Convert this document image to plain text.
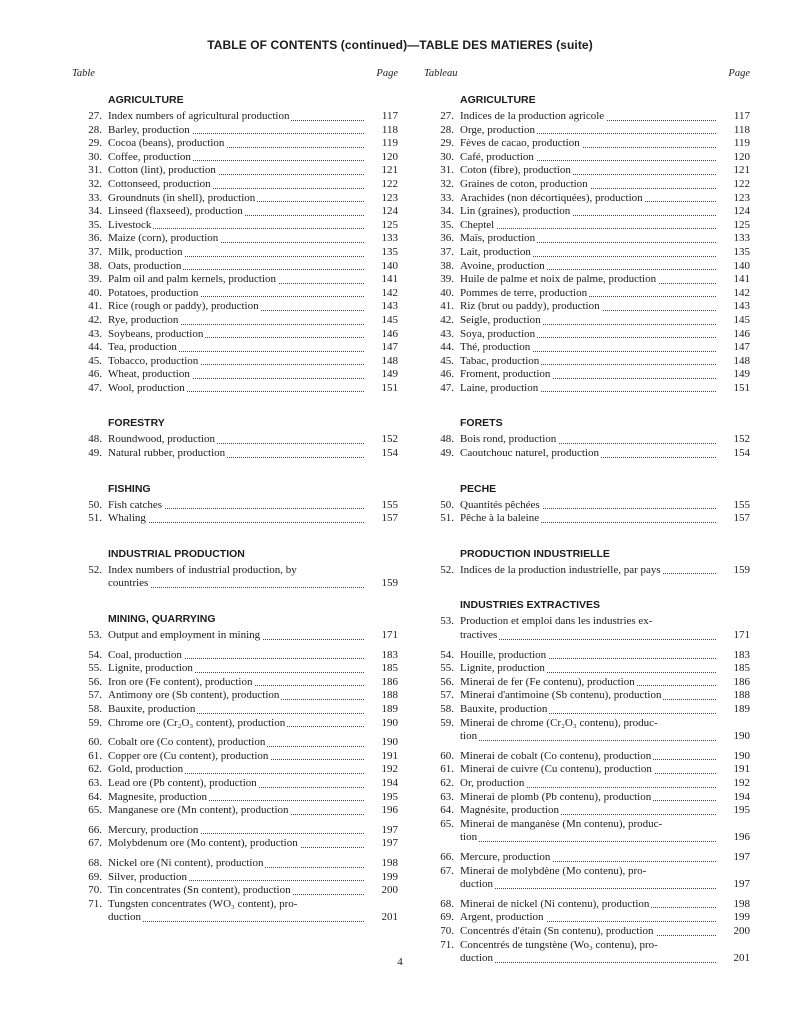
TABLE OF CONTENTS (continued)—TABLE DES MATIERES (suite)
Table	Page
AGRICULTURE
27. Index numbers of agricultural production	117
28. Barley, production	118
29. Cocoa (beans), production	119
30. Coffee, production	120
31. Cotton (lint), production	121
32. Cottonseed, production	122
33. Groundnuts (in shell), production	123
34. Linseed (flaxseed), production	124
35. Livestock	125
36. Maize (corn), production	133
37. Milk, production	135
38. Oats, production	140
39. Palm oil and palm kernels, production	141
40. Potatoes, production	142
41. Rice (rough or paddy), production	143
42. Rye, production	145
43. Soybeans, production	146
44. Tea, production	147
45. Tobacco, production	148
46. Wheat, production	149
47. Wool, production	151
FORESTRY
48. Roundwood, production	152
49. Natural rubber, production	154
FISHING
50. Fish catches	155
51. Whaling	157
INDUSTRIAL PRODUCTION
52. Index numbers of industrial production, by
countries	159
MINING, QUARRYING
53. Output and employment in mining	171
54. Coal, production	183
55. Lignite, production	185
56. Iron ore (Fe content), production	186
57. Antimony ore (Sb content), production	188
58. Bauxite, production	189
59. Chrome ore (Cr₂O₃ content), production	190
60. Cobalt ore (Co content), production	190
61. Copper ore (Cu content), production	191
62. Gold, production	192
63. Lead ore (Pb content), production	194
64. Magnesite, production	195
65. Manganese ore (Mn content), production	196
66. Mercury, production	197
67. Molybdenum ore (Mo content), production	197
68. Nickel ore (Ni content), production	198
69. Silver, production	199
70. Tin concentrates (Sn content), production	200
71. Tungsten concentrates (WO₃ content), pro-
duction	201
Tableau	Page
AGRICULTURE
27. Indices de la production agricole	117
28. Orge, production	118
29. Fèves de cacao, production	119
30. Café, production	120
31. Coton (fibre), production	121
32. Graines de coton, production	122
33. Arachides (non décortiquées), production	123
34. Lin (graines), production	124
35. Cheptel	125
36. Maïs, production	133
37. Lait, production	135
38. Avoine, production	140
39. Huile de palme et noix de palme, production	141
40. Pommes de terre, production	142
41. Riz (brut ou paddy), production	143
42. Seigle, production	145
43. Soya, production	146
44. Thé, production	147
45. Tabac, production	148
46. Froment, production	149
47. Laine, production	151
FORETS
48. Bois rond, production	152
49. Caoutchouc naturel, production	154
PECHE
50. Quantités pêchées	155
51. Pêche à la baleine	157
PRODUCTION INDUSTRIELLE
52. Indices de la production industrielle, par pays	159
INDUSTRIES EXTRACTIVES
53. Production et emploi dans les industries ex-
tractives	171
54. Houille, production	183
55. Lignite, production	185
56. Minerai de fer (Fe contenu), production	186
57. Minerai d'antimoine (Sb contenu), production	188
58. Bauxite, production	189
59. Minerai de chrome (Cr₂O₃ contenu), produc-
tion	190
60. Minerai de cobalt (Co contenu), production	190
61. Minerai de cuivre (Cu contenu), production	191
62. Or, production	192
63. Minerai de plomb (Pb contenu), production	194
64. Magnésite, production	195
65. Minerai de manganèse (Mn contenu), produc-
tion	196
66. Mercure, production	197
67. Minerai de molybdène (Mo contenu), pro-
duction	197
68. Minerai de nickel (Ni contenu), production	198
69. Argent, production	199
70. Concentrés d'étain (Sn contenu), production	200
71. Concentrés de tungstène (Wo₃ contenu), pro-
duction	201
4
